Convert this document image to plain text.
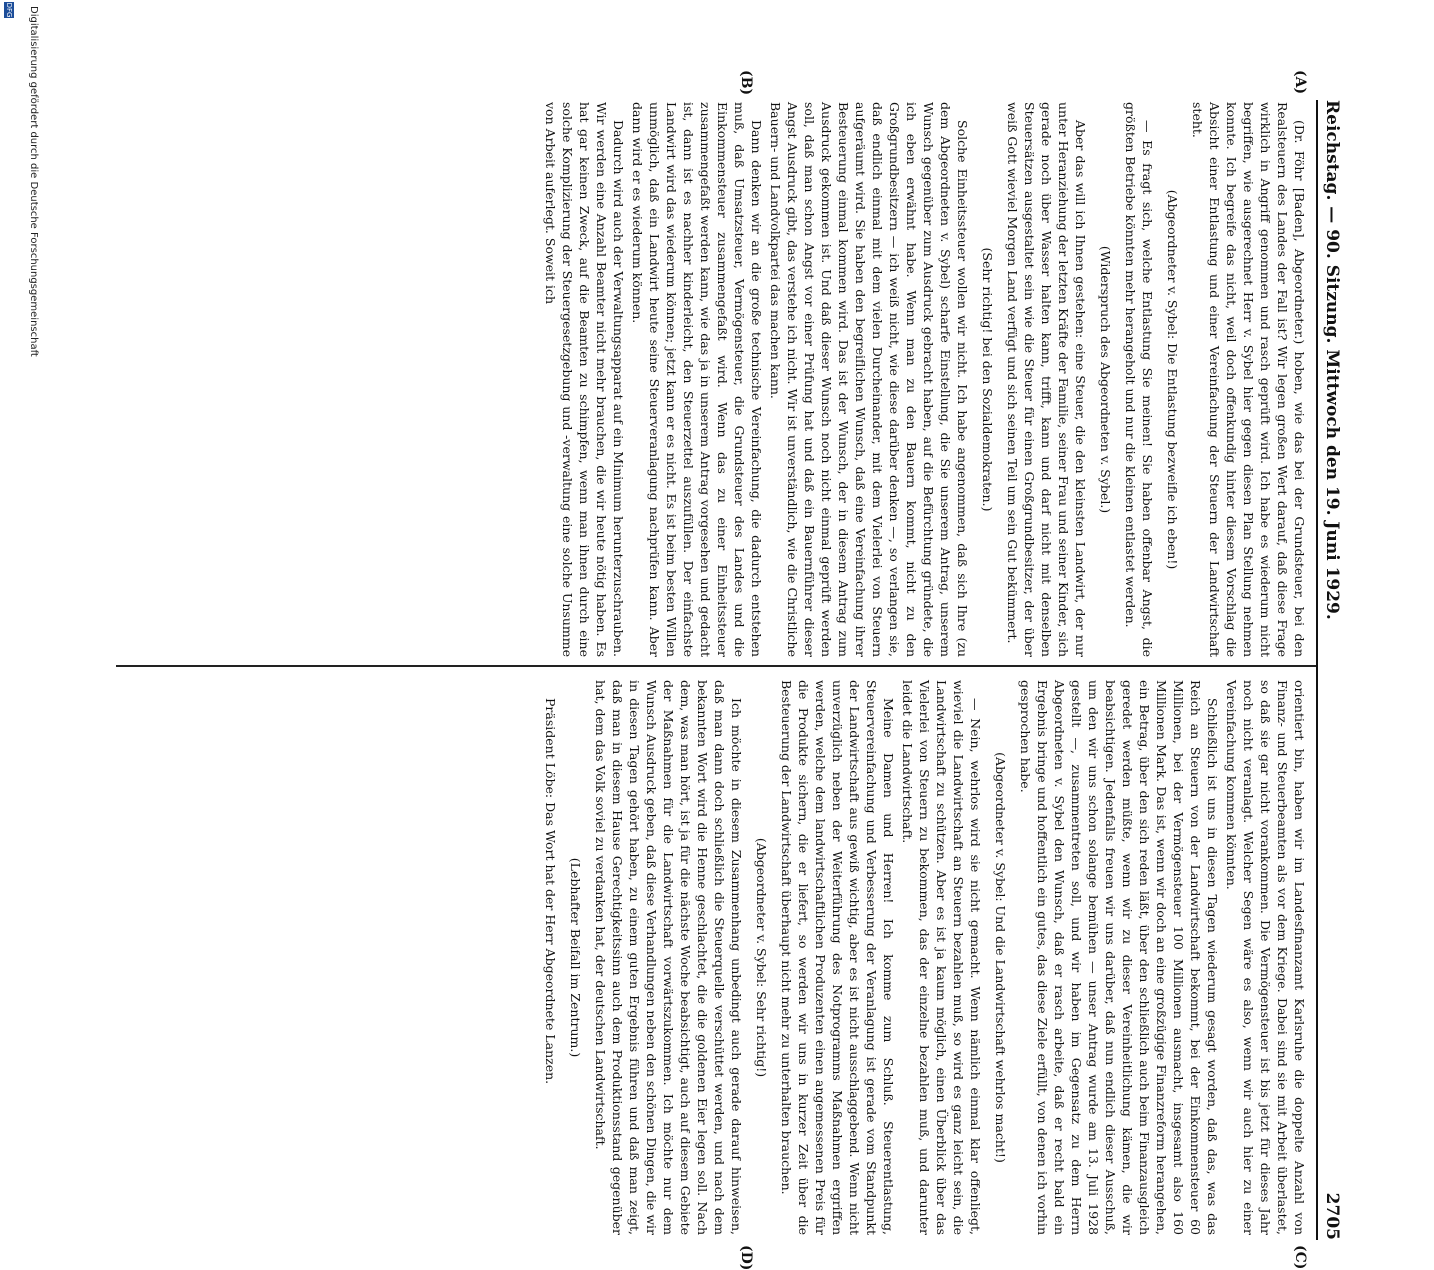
Reichstag. — 90. Sitzung. Mittwoch den 19. Juni 1929.
2705
(A)
(B)
(C)
(D)

(Dr. Föhr [Baden], Abgeordneter.) hoben, wie das bei der Grundsteuer, bei den Realsteuern des Landes der Fall ist? Wir legen großen Wert darauf, daß diese Frage wirklich in Angriff genommen und rasch geprüft wird. Ich habe es wiederum nicht begriffen, wie ausgerechnet Herr v. Sybel hier gegen diesen Plan Stellung nehmen konnte. Ich begreife das nicht, weil doch offenkundig hinter diesem Vorschlag die Absicht einer Entlastung und einer Vereinfachung der Steuern der Landwirtschaft steht.

(Abgeordneter v. Sybel: Die Entlastung bezweifle ich eben!)

— Es fragt sich, welche Entlastung Sie meinen! Sie haben offenbar Angst, die größten Betriebe könnten mehr herangeholt und nur die kleinen entlastet werden.

(Widerspruch des Abgeordneten v. Sybel.)

Aber das will ich Ihnen gestehen: eine Steuer, die den kleinsten Landwirt, der nur unter Heranziehung der letzten Kräfte der Familie, seiner Frau und seiner Kinder, sich gerade noch über Wasser halten kann, trifft, kann und darf nicht mit denselben Steuersätzen ausgestaltet sein wie die Steuer für einen Großgrundbesitzer, der über weiß Gott wieviel Morgen Land verfügt und sich seinen Teil um sein Gut bekümmert.

(Sehr richtig! bei den Sozialdemokraten.)

Solche Einheitssteuer wollen wir nicht. Ich habe angenommen, daß sich Ihre (zu dem Abgeordneten v. Sybel) scharfe Einstellung, die Sie unserem Antrag, unserem Wunsch gegenüber zum Ausdruck gebracht haben, auf die Befürchtung gründete, die ich eben erwähnt habe. Wenn man zu den Bauern kommt, nicht zu den Großgrundbesitzern — ich weiß nicht, wie diese darüber denken —, so verlangen sie, daß endlich einmal mit dem vielen Durcheinander, mit dem Vielerlei von Steuern aufgeräumt wird. Sie haben den begreiflichen Wunsch, daß eine Vereinfachung ihrer Besteuerung einmal kommen wird. Das ist der Wunsch, der in diesem Antrag zum Ausdruck gekommen ist. Und daß dieser Wunsch noch nicht einmal geprüft werden soll, daß man schon Angst vor einer Prüfung hat und daß ein Bauernführer dieser Angst Ausdruck gibt, das verstehe ich nicht. Wir ist unverständlich, wie die Christliche Bauern- und Landvolkpartei das machen kann.

Dann denken wir an die große technische Vereinfachung, die dadurch entstehen muß, daß Umsatzsteuer, Vermögensteuer, die Grundsteuer des Landes und die Einkommensteuer zusammengefaßt wird. Wenn das zu einer Einheitssteuer zusammengefaßt werden kann, wie das ja in unserem Antrag vorgesehen und gedacht ist, dann ist es nachher kinderleicht, den Steuerzettel auszufüllen. Der einfachste Landwirt wird das wiederum können; jetzt kann er es nicht. Es ist beim besten Willen unmöglich, daß ein Landwirt heute seine Steuerveranlagung nachprüfen kann. Aber dann wird er es wiederum können.

Dadurch wird auch der Verwaltungsapparat auf ein Minimum herunterzuschrauben. Wir werden eine Anzahl Beamter nicht mehr brauchen, die wir heute nötig haben. Es hat gar keinen Zweck, auf die Beamten zu schimpfen, wenn man ihnen durch eine solche Komplizierung der Steuergesetzgebung und -verwaltung eine solche Unsumme von Arbeit auferlegt. Soweit ich

orientiert bin, haben wir im Landesfinanzamt Karlsruhe die doppelte Anzahl von Finanz- und Steuerbeamten als vor dem Kriege. Dabei sind sie mit Arbeit überlastet, so daß sie gar nicht vorankommen. Die Vermögensteuer ist bis jetzt für dieses Jahr noch nicht veranlagt. Welcher Segen wäre es also, wenn wir auch hier zu einer Vereinfachung kommen könnten.

Schließlich ist uns in diesen Tagen wiederum gesagt worden, daß das, was das Reich an Steuern von der Landwirtschaft bekommt, bei der Einkommensteuer 60 Millionen, bei der Vermögensteuer 100 Millionen ausmacht, insgesamt also 160 Millionen Mark. Das ist, wenn wir doch an eine großzügige Finanzreform herangehen, ein Betrag, über den sich reden läßt, über den schließlich auch beim Finanzausgleich geredet werden müßte, wenn wir zu dieser Vereinheitlichung kämen, die wir beabsichtigen. Jedenfalls freuen wir uns darüber, daß nun endlich dieser Ausschuß, um den wir uns schon solange bemühen — unser Antrag wurde am 13. Juli 1928 gestellt —, zusammentreten soll, und wir haben im Gegensatz zu dem Herrn Abgeordneten v. Sybel den Wunsch, daß er rasch arbeite, daß er recht bald ein Ergebnis bringe und hoffentlich ein gutes, das diese Ziele erfüllt, von denen ich vorhin gesprochen habe.

(Abgeordneter v. Sybel: Und die Landwirtschaft wehrlos macht!)

— Nein, wehrlos wird sie nicht gemacht. Wenn nämlich einmal klar offenliegt, wieviel die Landwirtschaft an Steuern bezahlen muß, so wird es ganz leicht sein, die Landwirtschaft zu schützen. Aber es ist ja kaum möglich, einen Überblick über das Vielerlei von Steuern zu bekommen, das der einzelne bezahlen muß, und darunter leidet die Landwirtschaft.

Meine Damen und Herren! Ich komme zum Schluß. Steuerentlastung, Steuervereinfachung und Verbesserung der Veranlagung ist gerade vom Standpunkt der Landwirtschaft aus gewiß wichtig, aber es ist nicht ausschlaggebend. Wenn nicht unverzüglich neben der Weiterführung des Notprogramms Maßnahmen ergriffen werden, welche dem landwirtschaftlichen Produzenten einen angemessenen Preis für die Produkte sichern, die er liefert, so werden wir uns in kurzer Zeit über die Besteuerung der Landwirtschaft überhaupt nicht mehr zu unterhalten brauchen.

(Abgeordneter v. Sybel: Sehr richtig!)

Ich möchte in diesem Zusammenhang unbedingt auch gerade darauf hinweisen, daß man dann doch schließlich die Steuerquelle verschüttet werden, und nach dem bekannten Wort wird die Henne geschlachtet, die die goldenen Eier legen soll. Nach dem, was man hört, ist ja für die nächste Woche beabsichtigt, auch auf diesem Gebiete der Maßnahmen für die Landwirtschaft vorwärtszukommen. Ich möchte nur dem Wunsch Ausdruck geben, daß diese Verhandlungen neben den schönen Dingen, die wir in diesen Tagen gehört haben, zu einem guten Ergebnis führen und daß man zeigt, daß man in diesem Hause Gerechtigkeitssinn auch dem Produktionsstand gegenüber hat, dem das Volk soviel zu verdanken hat, der deutschen Landwirtschaft.

(Lebhafter Beifall im Zentrum.)

Präsident Löbe: Das Wort hat der Herr Abgeordnete Lanzen.

Digitalisierung gefördert durch die Deutsche Forschungsgemeinschaft
DFG
